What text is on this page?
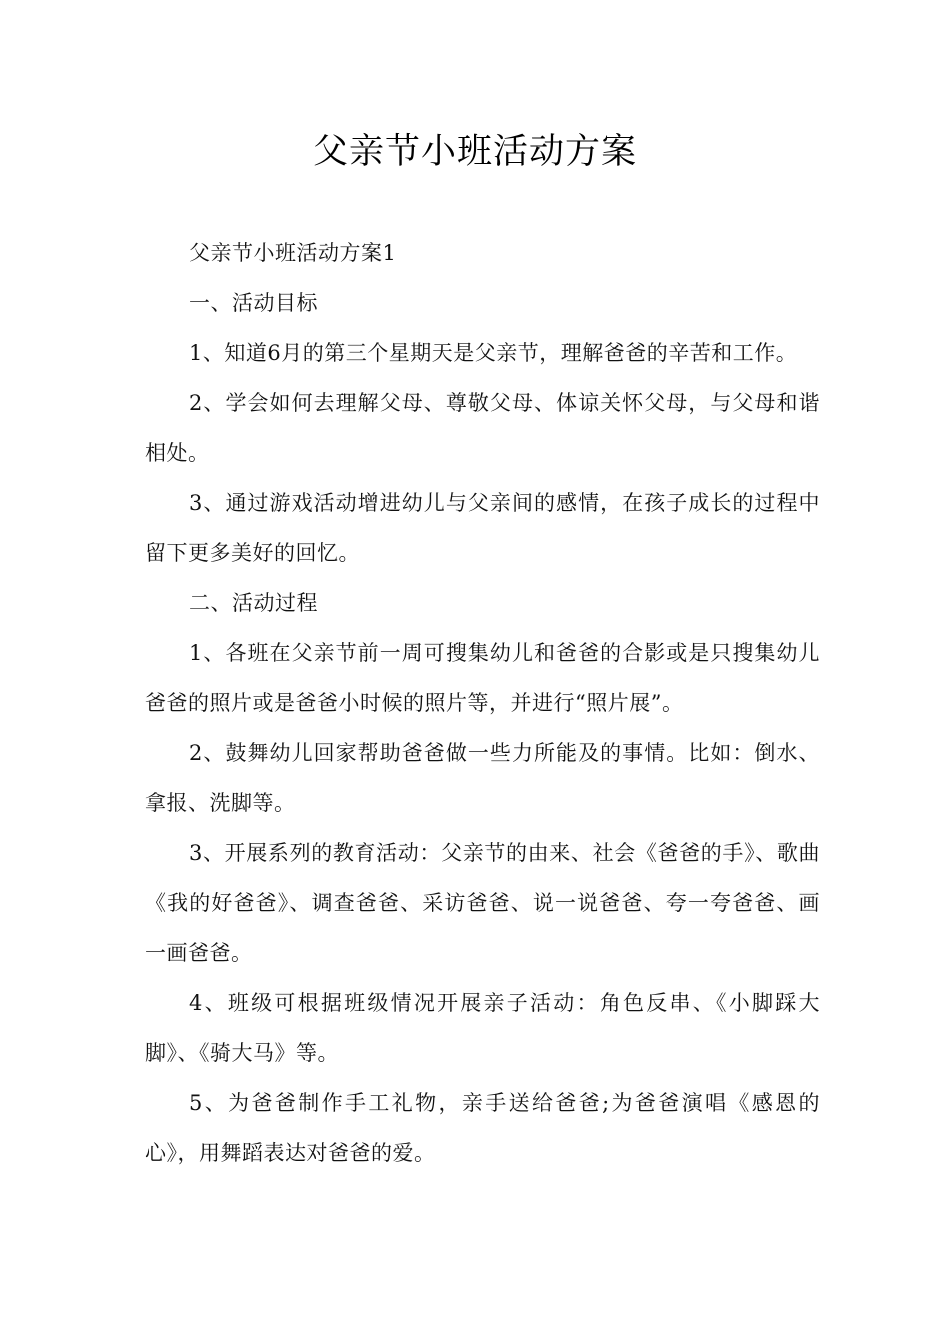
父亲节小班活动方案

父亲节小班活动方案1

一、活动目标

1、知道6月的第三个星期天是父亲节，理解爸爸的辛苦和工作。

2、学会如何去理解父母、尊敬父母、体谅关怀父母，与父母和谐相处。

3、通过游戏活动增进幼儿与父亲间的感情，在孩子成长的过程中留下更多美好的回忆。

二、活动过程

1、各班在父亲节前一周可搜集幼儿和爸爸的合影或是只搜集幼儿爸爸的照片或是爸爸小时候的照片等，并进行“照片展”。

2、鼓舞幼儿回家帮助爸爸做一些力所能及的事情。比如：倒水、拿报、洗脚等。

3、开展系列的教育活动：父亲节的由来、社会《爸爸的手》、歌曲《我的好爸爸》、调查爸爸、采访爸爸、说一说爸爸、夸一夸爸爸、画一画爸爸。

4、班级可根据班级情况开展亲子活动：角色反串、《小脚踩大脚》、《骑大马》等。

5、为爸爸制作手工礼物，亲手送给爸爸;为爸爸演唱《感恩的心》，用舞蹈表达对爸爸的爱。
